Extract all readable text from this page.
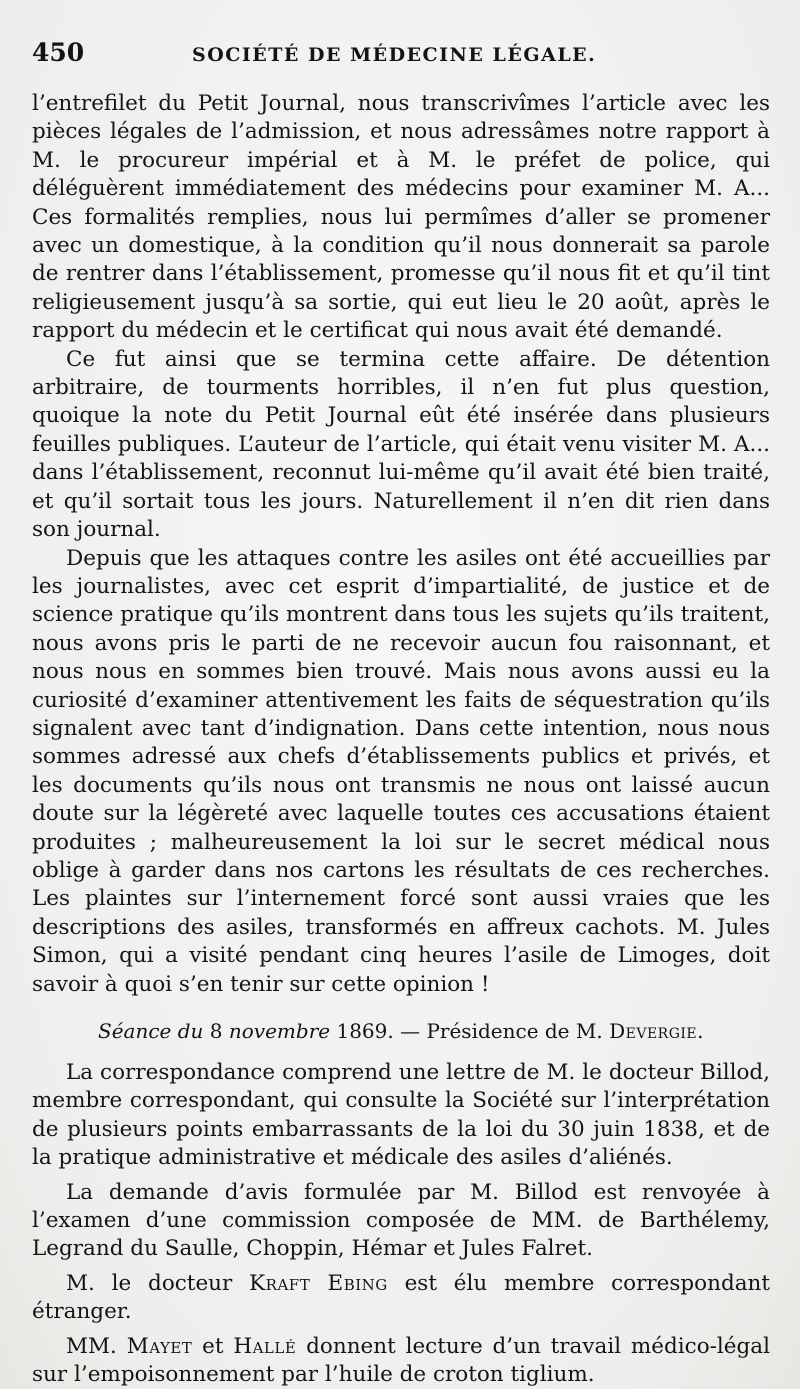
450	SOCIÉTÉ DE MÉDECINE LÉGALE.

l’entrefilet du Petit Journal, nous transcrivîmes l’article avec les pièces légales de l’admission, et nous adressâmes notre rapport à M. le procureur impérial et à M. le préfet de police, qui déléguèrent immédiatement des médecins pour examiner M. A... Ces formalités remplies, nous lui permîmes d’aller se promener avec un domestique, à la condition qu’il nous donnerait sa parole de rentrer dans l’établissement, promesse qu’il nous fit et qu’il tint religieusement jusqu’à sa sortie, qui eut lieu le 20 août, après le rapport du médecin et le certificat qui nous avait été demandé.

Ce fut ainsi que se termina cette affaire. De détention arbitraire, de tourments horribles, il n’en fut plus question, quoique la note du Petit Journal eût été insérée dans plusieurs feuilles publiques. L’auteur de l’article, qui était venu visiter M. A... dans l’établissement, reconnut lui-même qu’il avait été bien traité, et qu’il sortait tous les jours. Naturellement il n’en dit rien dans son journal.

Depuis que les attaques contre les asiles ont été accueillies par les journalistes, avec cet esprit d’impartialité, de justice et de science pratique qu’ils montrent dans tous les sujets qu’ils traitent, nous avons pris le parti de ne recevoir aucun fou raisonnant, et nous nous en sommes bien trouvé. Mais nous avons aussi eu la curiosité d’examiner attentivement les faits de séquestration qu’ils signalent avec tant d’indignation. Dans cette intention, nous nous sommes adressé aux chefs d’établissements publics et privés, et les documents qu’ils nous ont transmis ne nous ont laissé aucun doute sur la légèreté avec laquelle toutes ces accusations étaient produites ; malheureusement la loi sur le secret médical nous oblige à garder dans nos cartons les résultats de ces recherches. Les plaintes sur l’internement forcé sont aussi vraies que les descriptions des asiles, transformés en affreux cachots. M. Jules Simon, qui a visité pendant cinq heures l’asile de Limoges, doit savoir à quoi s’en tenir sur cette opinion !

Séance du 8 novembre 1869. — Présidence de M. Devergie.

La correspondance comprend une lettre de M. le docteur Billod, membre correspondant, qui consulte la Société sur l’interprétation de plusieurs points embarrassants de la loi du 30 juin 1838, et de la pratique administrative et médicale des asiles d’aliénés.

La demande d’avis formulée par M. Billod est renvoyée à l’examen d’une commission composée de MM. de Barthélemy, Legrand du Saulle, Choppin, Hémar et Jules Falret.

M. le docteur Kraft Ebing est élu membre correspondant étranger.

MM. Mayet et Hallé donnent lecture d’un travail médico-légal sur l’empoisonnement par l’huile de croton tiglium.
